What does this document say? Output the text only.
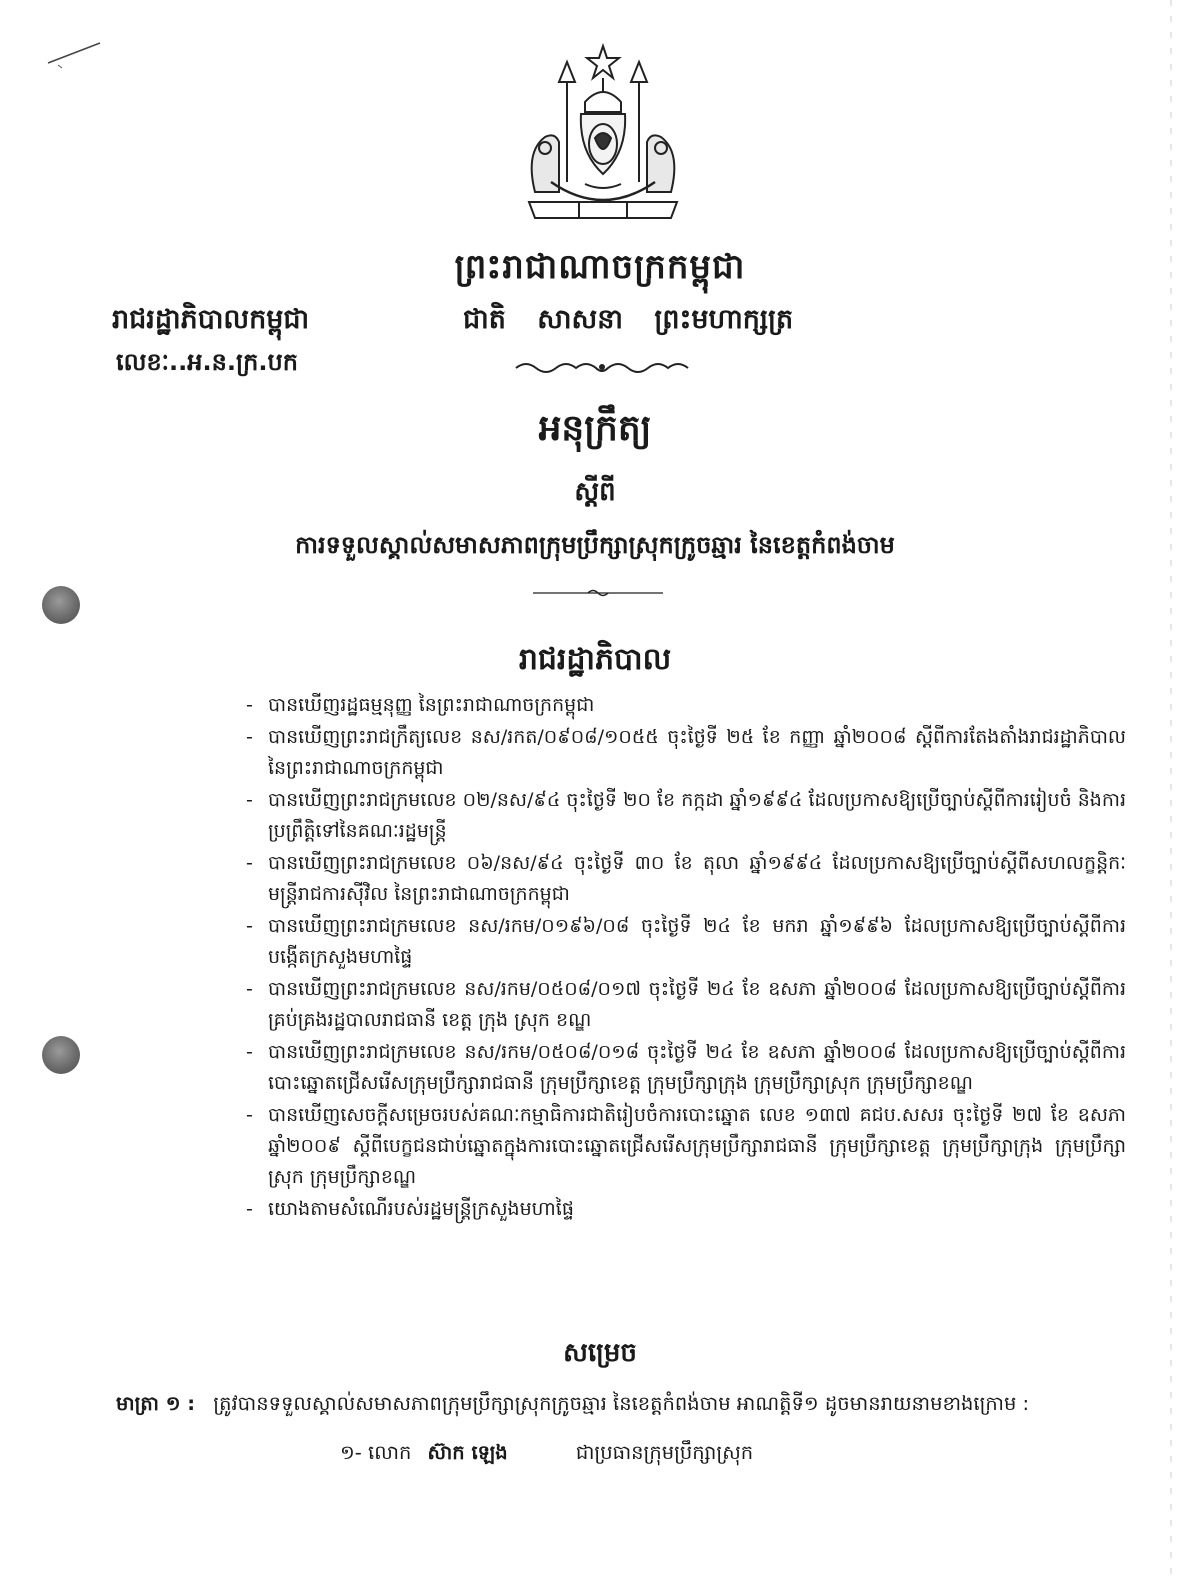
ព្រះរាជាណាចក្រកម្ពុជា
រាជរដ្ឋាភិបាលកម្ពុជា	ជាតិ សាសនា ព្រះមហាក្សត្រ
លេខៈ..អ.ន.ក្រ.បក
អនុក្រឹត្យ
ស្តីពី
ការទទួលស្គាល់សមាសភាពក្រុមប្រឹក្សាស្រុកក្រូចឆ្មារ នៃខេត្តកំពង់ចាម
រាជរដ្ឋាភិបាល
- បានឃើញរដ្ឋធម្មនុញ្ញ នៃព្រះរាជាណាចក្រកម្ពុជា
- បានឃើញព្រះរាជក្រឹត្យលេខ នស/រកត/០៩០៨/១០៥៥ ចុះថ្ងៃទី ២៥ ខែ កញ្ញា ឆ្នាំ២០០៨ ស្តីពីការតែងតាំងរាជរដ្ឋាភិបាល នៃព្រះរាជាណាចក្រកម្ពុជា
- បានឃើញព្រះរាជក្រមលេខ ០២/នស/៩៤ ចុះថ្ងៃទី ២០ ខែ កក្កដា ឆ្នាំ១៩៩៤ ដែលប្រកាសឱ្យប្រើច្បាប់ស្តីពីការរៀបចំ និងការប្រព្រឹត្តិទៅនៃគណៈរដ្ឋមន្ត្រី
- បានឃើញព្រះរាជក្រមលេខ ០៦/នស/៩៤ ចុះថ្ងៃទី ៣០ ខែ តុលា ឆ្នាំ១៩៩៤ ដែលប្រកាសឱ្យប្រើច្បាប់ស្តីពីសហលក្ខន្តិកៈមន្ត្រីរាជការស៊ីវិល នៃព្រះរាជាណាចក្រកម្ពុជា
- បានឃើញព្រះរាជក្រមលេខ នស/រកម/០១៩៦/០៨ ចុះថ្ងៃទី ២៤ ខែ មករា ឆ្នាំ១៩៩៦ ដែលប្រកាសឱ្យប្រើច្បាប់ស្តីពីការបង្កើតក្រសួងមហាផ្ទៃ
- បានឃើញព្រះរាជក្រមលេខ នស/រកម/០៥០៨/០១៧ ចុះថ្ងៃទី ២៤ ខែ ឧសភា ឆ្នាំ២០០៨ ដែលប្រកាសឱ្យប្រើច្បាប់ស្តីពីការគ្រប់គ្រងរដ្ឋបាលរាជធានី ខេត្ត ក្រុង ស្រុក ខណ្ឌ
- បានឃើញព្រះរាជក្រមលេខ នស/រកម/០៥០៨/០១៨ ចុះថ្ងៃទី ២៤ ខែ ឧសភា ឆ្នាំ២០០៨ ដែលប្រកាសឱ្យប្រើច្បាប់ស្តីពីការបោះឆ្នោតជ្រើសរើសក្រុមប្រឹក្សារាជធានី ក្រុមប្រឹក្សាខេត្ត ក្រុមប្រឹក្សាក្រុង ក្រុមប្រឹក្សាស្រុក ក្រុមប្រឹក្សាខណ្ឌ
- បានឃើញសេចក្តីសម្រេចរបស់គណៈកម្មាធិការជាតិរៀបចំការបោះឆ្នោត លេខ ១៣៧ គជប.សសរ ចុះថ្ងៃទី ២៧ ខែ ឧសភា ឆ្នាំ២០០៩ ស្តីពីបេក្ខជនជាប់ឆ្នោតក្នុងការបោះឆ្នោតជ្រើសរើសក្រុមប្រឹក្សារាជធានី ក្រុមប្រឹក្សាខេត្ត ក្រុមប្រឹក្សាក្រុង ក្រុមប្រឹក្សាស្រុក ក្រុមប្រឹក្សាខណ្ឌ
- យោងតាមសំណើរបស់រដ្ឋមន្ត្រីក្រសួងមហាផ្ទៃ
សម្រេច
មាត្រា ១ : ត្រូវបានទទួលស្គាល់សមាសភាពក្រុមប្រឹក្សាស្រុកក្រូចឆ្មារ នៃខេត្តកំពង់ចាម អាណត្តិទី១ ដូចមានរាយនាមខាងក្រោម :
១- លោក ស៊ាក ឡេង	ជាប្រធានក្រុមប្រឹក្សាស្រុក
